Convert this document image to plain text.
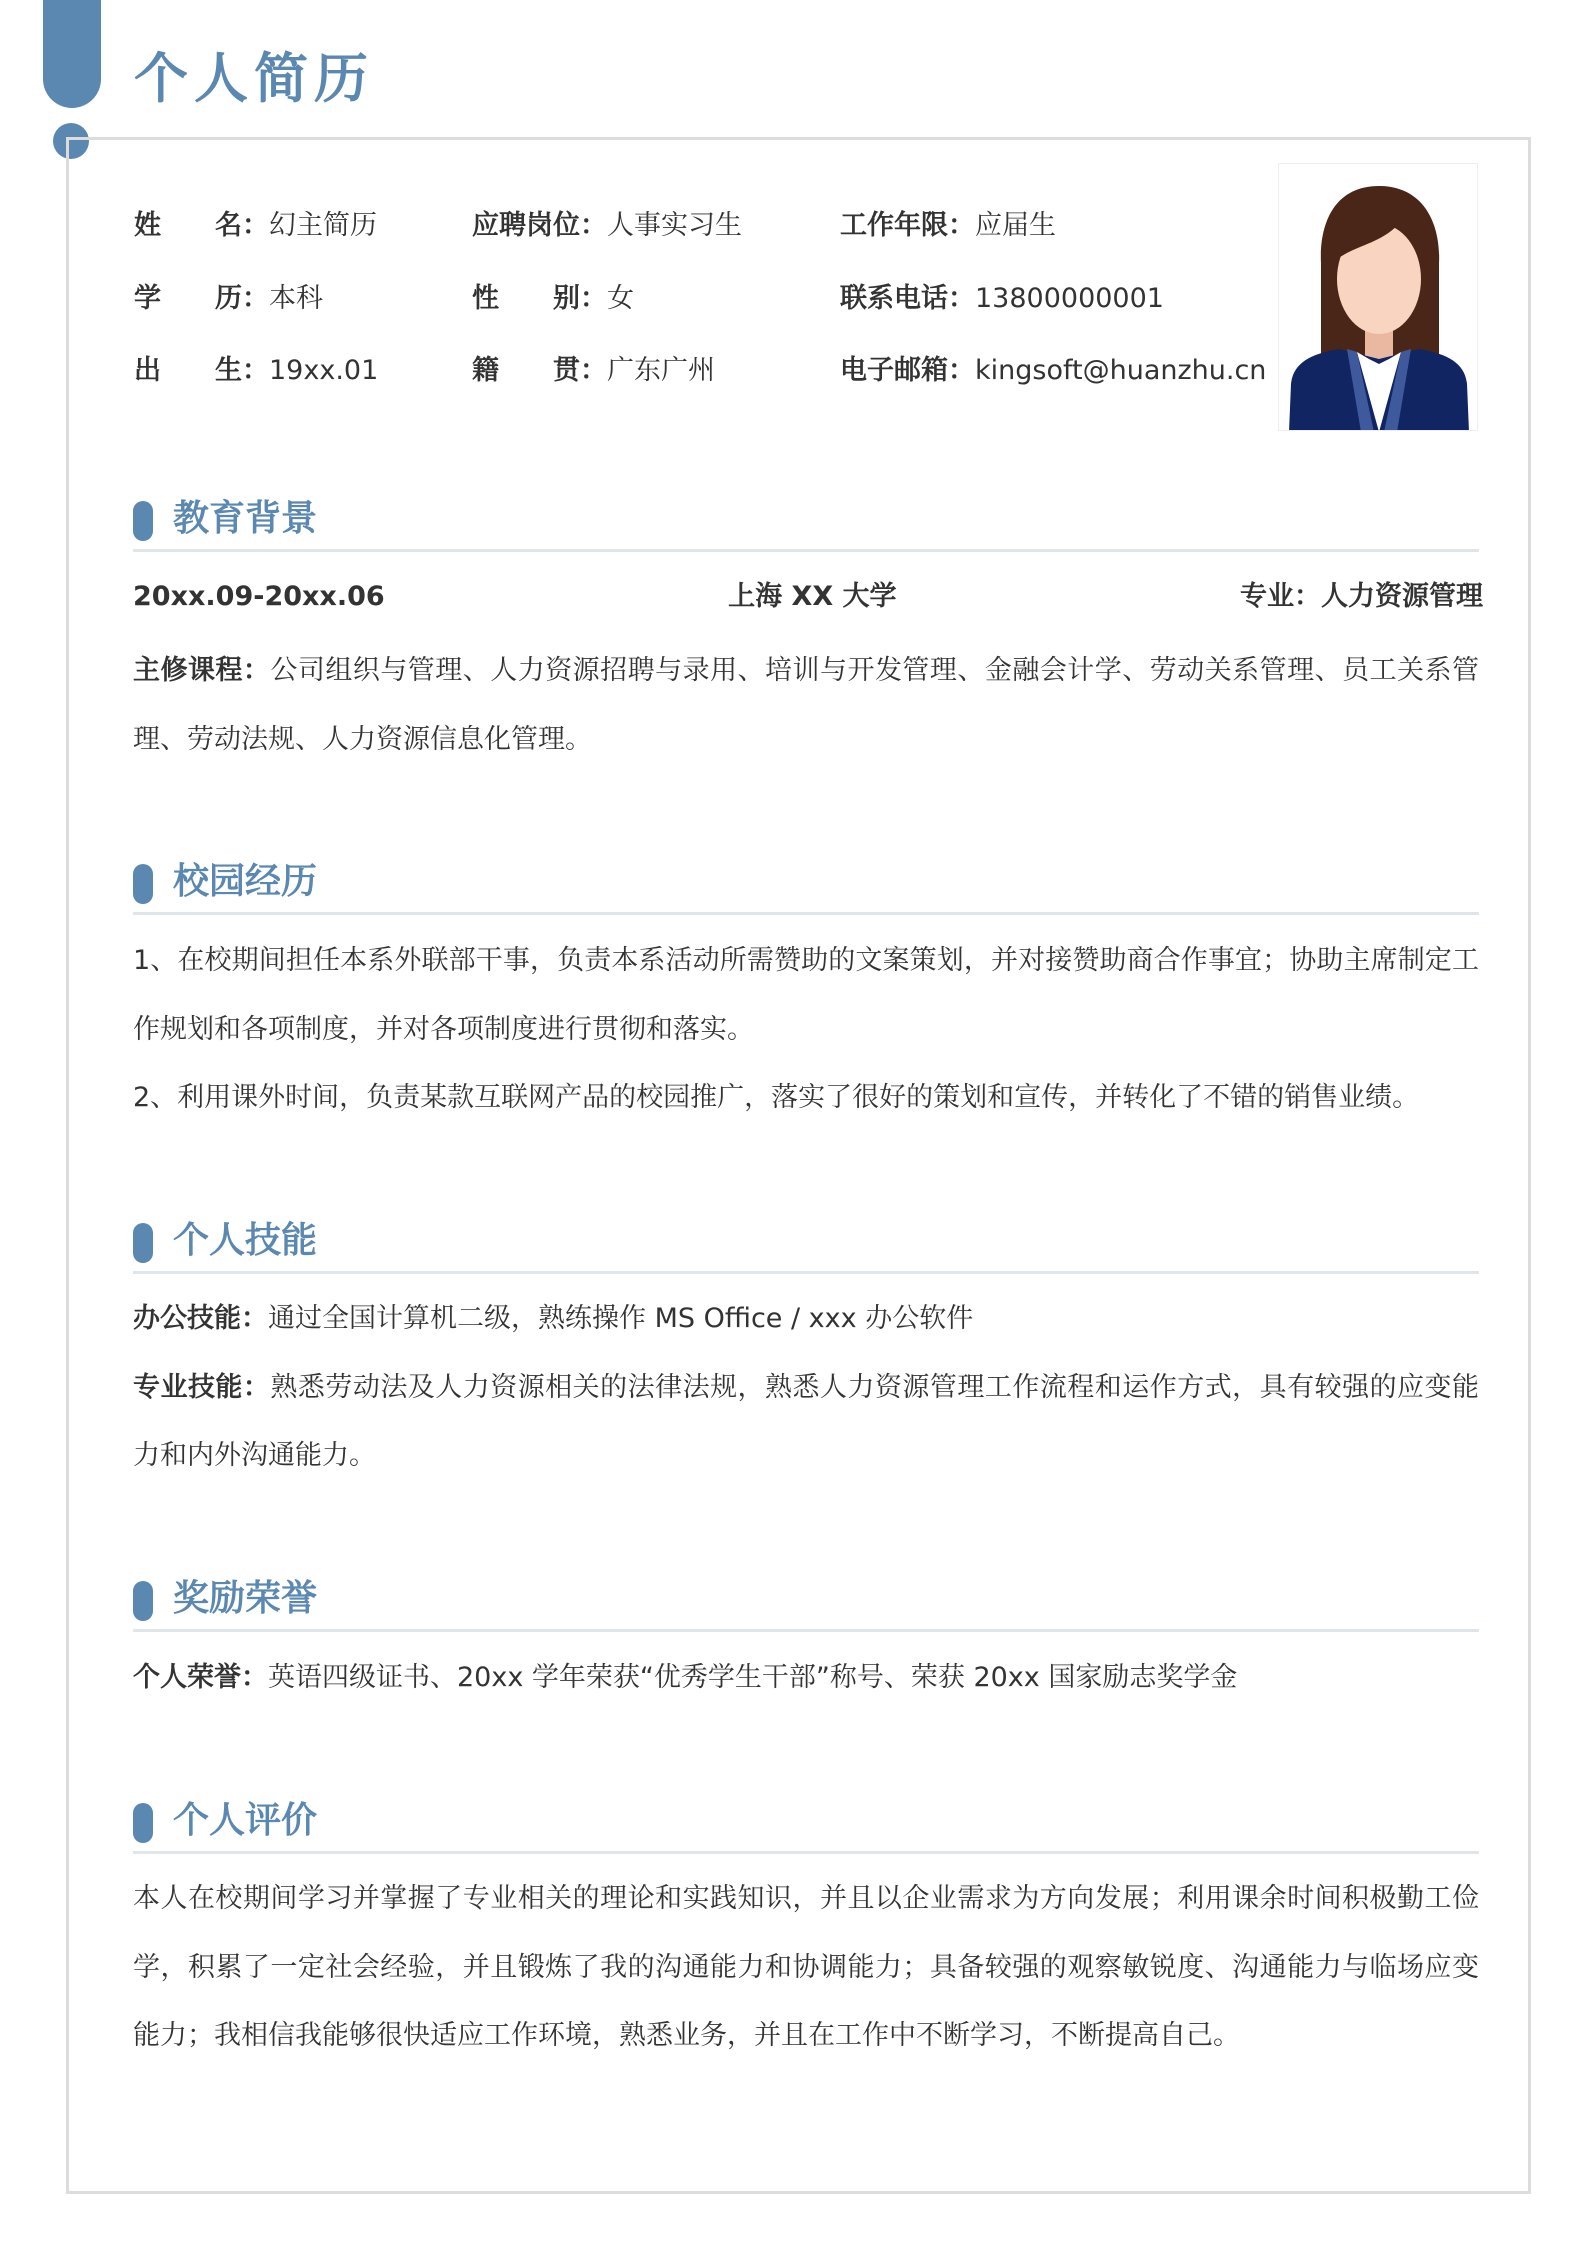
个人简历
姓　　名：幻主简历	应聘岗位：人事实习生	工作年限：应届生
学　　历：本科	性　　别：女	联系电话：13800000001
出　　生：19xx.01	籍　　贯：广东广州	电子邮箱：kingsoft@huanzhu.cn
教育背景
20xx.09-20xx.06	上海 XX 大学	专业：人力资源管理
主修课程：公司组织与管理、人力资源招聘与录用、培训与开发管理、金融会计学、劳动关系管理、员工关系管理、劳动法规、人力资源信息化管理。
校园经历
1、在校期间担任本系外联部干事，负责本系活动所需赞助的文案策划，并对接赞助商合作事宜；协助主席制定工作规划和各项制度，并对各项制度进行贯彻和落实。
2、利用课外时间，负责某款互联网产品的校园推广，落实了很好的策划和宣传，并转化了不错的销售业绩。
个人技能
办公技能：通过全国计算机二级，熟练操作 MS Office / xxx 办公软件
专业技能：熟悉劳动法及人力资源相关的法律法规，熟悉人力资源管理工作流程和运作方式，具有较强的应变能力和内外沟通能力。
奖励荣誉
个人荣誉：英语四级证书、20xx 学年荣获“优秀学生干部”称号、荣获 20xx 国家励志奖学金
个人评价
本人在校期间学习并掌握了专业相关的理论和实践知识，并且以企业需求为方向发展；利用课余时间积极勤工俭学，积累了一定社会经验，并且锻炼了我的沟通能力和协调能力；具备较强的观察敏锐度、沟通能力与临场应变能力；我相信我能够很快适应工作环境，熟悉业务，并且在工作中不断学习，不断提高自己。
